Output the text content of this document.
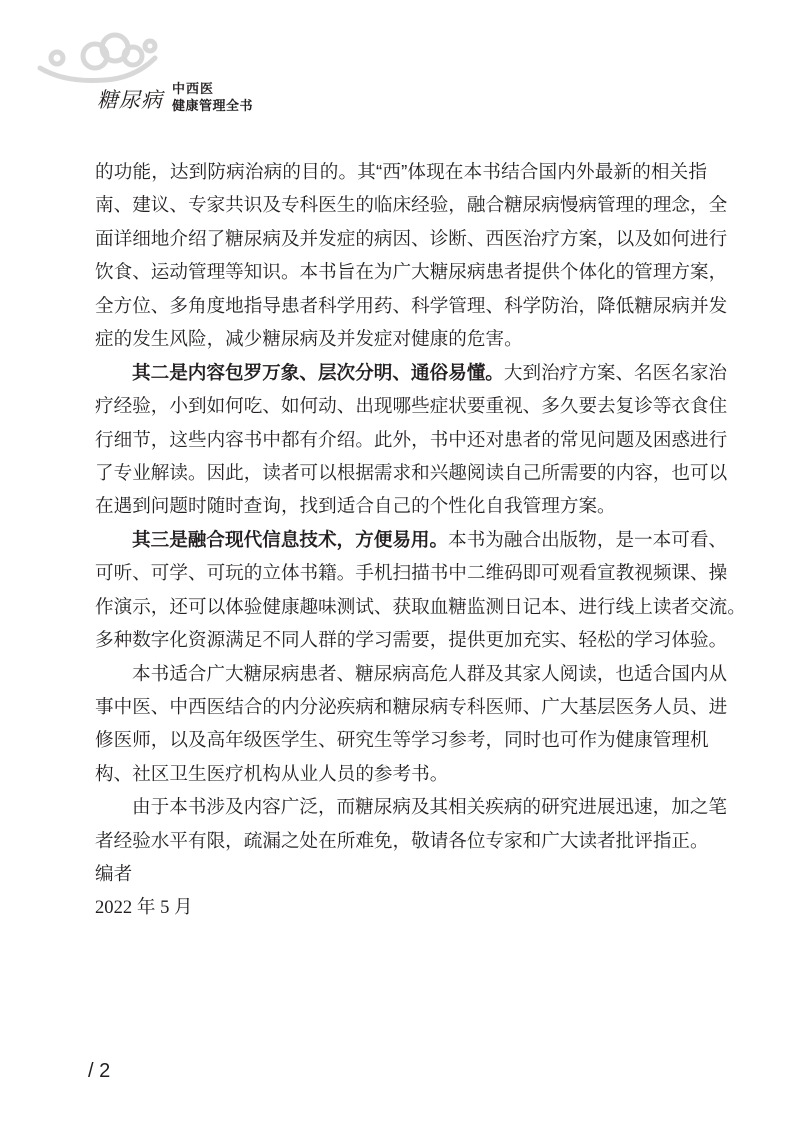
糖尿病 中西医
健康管理全书
的功能，达到防病治病的目的。其“西”体现在本书结合国内外最新的相关指
南、建议、专家共识及专科医生的临床经验，融合糖尿病慢病管理的理念，全
面详细地介绍了糖尿病及并发症的病因、诊断、西医治疗方案，以及如何进行
饮食、运动管理等知识。本书旨在为广大糖尿病患者提供个体化的管理方案，
全方位、多角度地指导患者科学用药、科学管理、科学防治，降低糖尿病并发
症的发生风险，减少糖尿病及并发症对健康的危害。
其二是内容包罗万象、层次分明、通俗易懂。大到治疗方案、名医名家治
疗经验，小到如何吃、如何动、出现哪些症状要重视、多久要去复诊等衣食住
行细节，这些内容书中都有介绍。此外，书中还对患者的常见问题及困惑进行
了专业解读。因此，读者可以根据需求和兴趣阅读自己所需要的内容，也可以
在遇到问题时随时查询，找到适合自己的个性化自我管理方案。
其三是融合现代信息技术，方便易用。本书为融合出版物，是一本可看、
可听、可学、可玩的立体书籍。手机扫描书中二维码即可观看宣教视频课、操
作演示，还可以体验健康趣味测试、获取血糖监测日记本、进行线上读者交流。
多种数字化资源满足不同人群的学习需要，提供更加充实、轻松的学习体验。
本书适合广大糖尿病患者、糖尿病高危人群及其家人阅读，也适合国内从
事中医、中西医结合的内分泌疾病和糖尿病专科医师、广大基层医务人员、进
修医师，以及高年级医学生、研究生等学习参考，同时也可作为健康管理机
构、社区卫生医疗机构从业人员的参考书。
由于本书涉及内容广泛，而糖尿病及其相关疾病的研究进展迅速，加之笔
者经验水平有限，疏漏之处在所难免，敬请各位专家和广大读者批评指正。
编者
2022 年 5 月
/ 2
